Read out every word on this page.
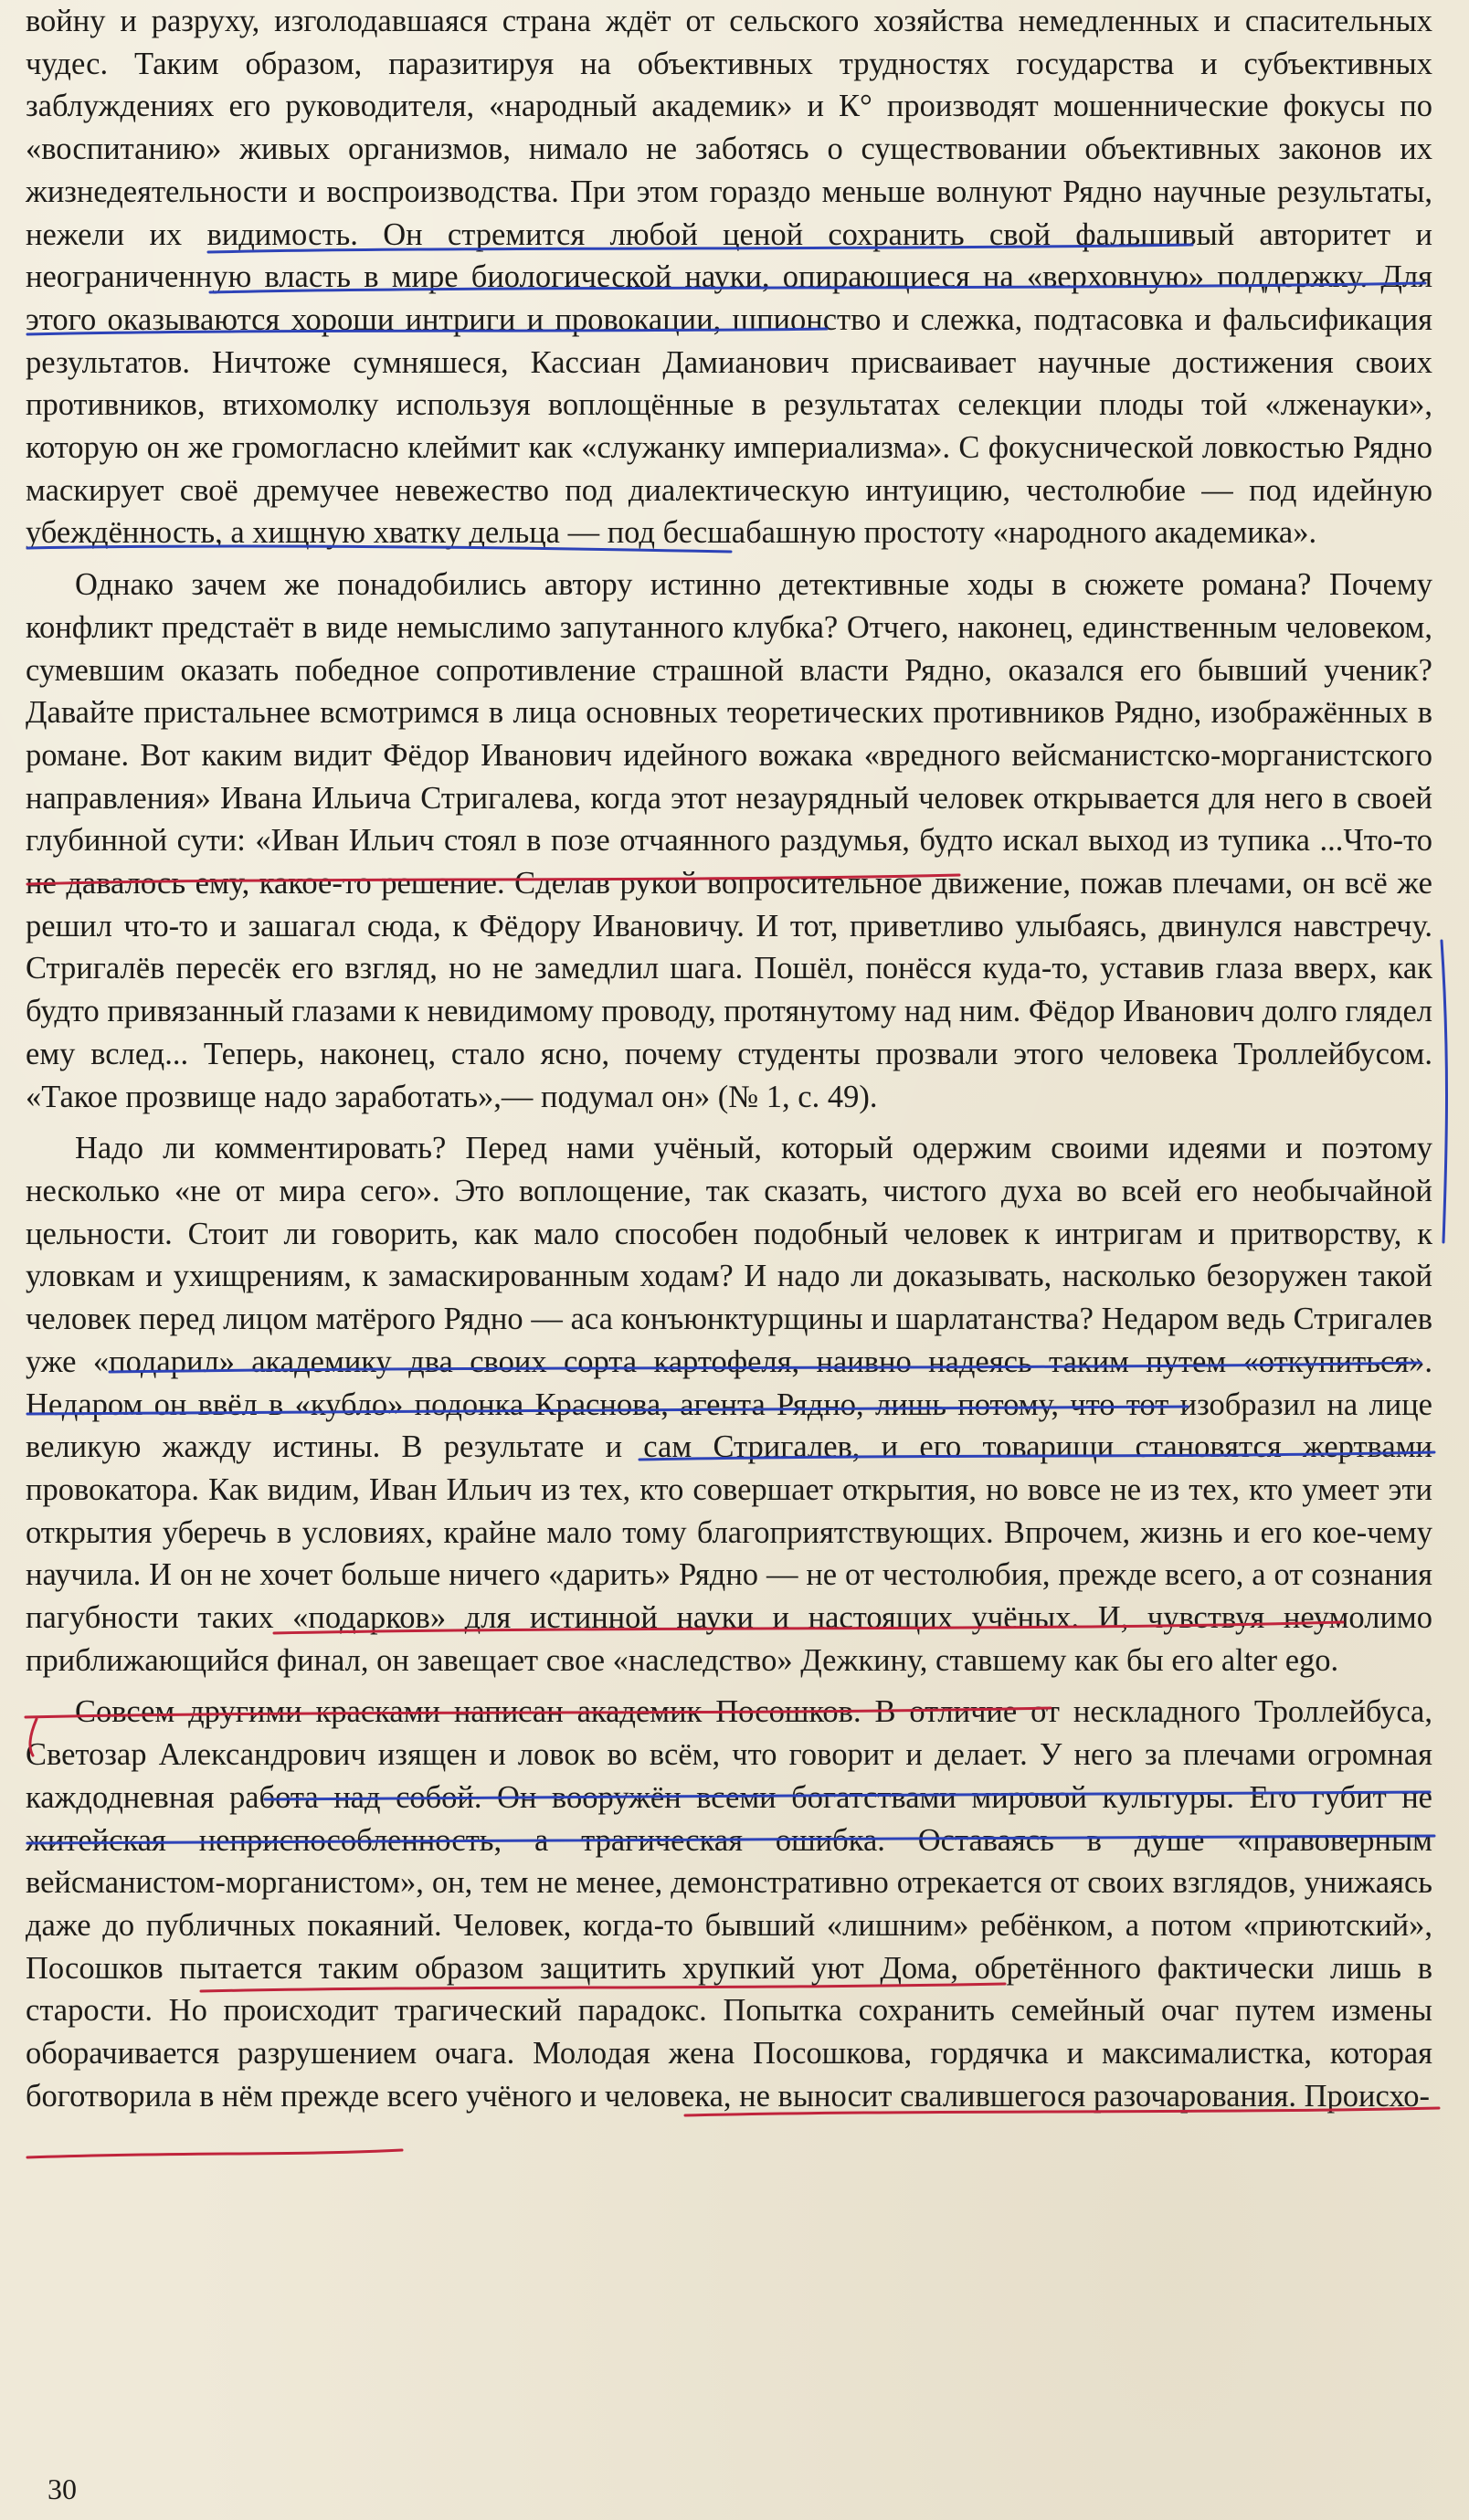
войну и разруху, изголодавшаяся страна ждёт от сельского хозяйства немедленных и спасительных чудес. Таким образом, паразитируя на объективных трудностях государства и субъективных заблуждениях его руководителя, «народный академик» и К° производят мошеннические фокусы по «воспитанию» живых организмов, нимало не заботясь о существовании объективных законов их жизнедеятельности и воспроизводства. При этом гораздо меньше волнуют Рядно научные результаты, нежели их видимость. Он стремится любой ценой сохранить свой фальшивый авторитет и неограниченную власть в мире биологической науки, опирающиеся на «верховную» поддержку. Для этого оказываются хороши интриги и провокации, шпионство и слежка, подтасовка и фальсификация результатов. Ничтоже сумняшеся, Кассиан Дамианович присваивает научные достижения своих противников, втихомолку используя воплощённые в результатах селекции плоды той «лженауки», которую он же громогласно клеймит как «служанку империализма». С фокуснической ловкостью Рядно маскирует своё дремучее невежество под диалектическую интуицию, честолюбие — под идейную убеждённость, а хищную хватку дельца — под бесшабашную простоту «народного академика».

Однако зачем же понадобились автору истинно детективные ходы в сюжете романа? Почему конфликт предстаёт в виде немыслимо запутанного клубка? Отчего, наконец, единственным человеком, сумевшим оказать победное сопротивление страшной власти Рядно, оказался его бывший ученик? Давайте пристальнее всмотримся в лица основных теоретических противников Рядно, изображённых в романе. Вот каким видит Фёдор Иванович идейного вожака «вредного вейсманистско-морганистского направления» Ивана Ильича Стригалева, когда этот незаурядный человек открывается для него в своей глубинной сути: «Иван Ильич стоял в позе отчаянного раздумья, будто искал выход из тупика ...Что-то не давалось ему, какое-то решение. Сделав рукой вопросительное движение, пожав плечами, он всё же решил что-то и зашагал сюда, к Фёдору Ивановичу. И тот, приветливо улыбаясь, двинулся навстречу. Стригалёв пересёк его взгляд, но не замедлил шага. Пошёл, понёсся куда-то, уставив глаза вверх, как будто привязанный глазами к невидимому проводу, протянутому над ним. Фёдор Иванович долго глядел ему вслед... Теперь, наконец, стало ясно, почему студенты прозвали этого человека Троллейбусом. «Такое прозвище надо заработать»,— подумал он» (№ 1, с. 49).

Надо ли комментировать? Перед нами учёный, который одержим своими идеями и поэтому несколько «не от мира сего». Это воплощение, так сказать, чистого духа во всей его необычайной цельности. Стоит ли говорить, как мало способен подобный человек к интригам и притворству, к уловкам и ухищрениям, к замаскированным ходам? И надо ли доказывать, насколько безоружен такой человек перед лицом матёрого Рядно — аса конъюнктурщины и шарлатанства? Недаром ведь Стригалев уже «подарил» академику два своих сорта картофеля, наивно надеясь таким путем «откупиться». Недаром он ввёл в «кубло» подонка Краснова, агента Рядно, лишь потому, что тот изобразил на лице великую жажду истины. В результате и сам Стригалев, и его товарищи становятся жертвами провокатора. Как видим, Иван Ильич из тех, кто совершает открытия, но вовсе не из тех, кто умеет эти открытия уберечь в условиях, крайне мало тому благоприятствующих. Впрочем, жизнь и его кое-чему научила. И он не хочет больше ничего «дарить» Рядно — не от честолюбия, прежде всего, а от сознания пагубности таких «подарков» для истинной науки и настоящих учёных. И, чувствуя неумолимо приближающийся финал, он завещает свое «наследство» Дежкину, ставшему как бы его alter ego.

Совсем другими красками написан академик Посошков. В отличие от нескладного Троллейбуса, Светозар Александрович изящен и ловок во всём, что говорит и делает. У него за плечами огромная каждодневная работа над собой. Он вооружён всеми богатствами мировой культуры. Его губит не житейская неприспособленность, а трагическая ошибка. Оставаясь в душе «правоверным вейсманистом-морганистом», он, тем не менее, демонстративно отрекается от своих взглядов, унижаясь даже до публичных покаяний. Человек, когда-то бывший «лишним» ребёнком, а потом «приютский», Посошков пытается таким образом защитить хрупкий уют Дома, обретённого фактически лишь в старости. Но происходит трагический парадокс. Попытка сохранить семейный очаг путем измены оборачивается разрушением очага. Молодая жена Посошкова, гордячка и максималистка, которая боготворила в нём прежде всего учёного и человека, не выносит свалившегося разочарования. Происхо-

30
